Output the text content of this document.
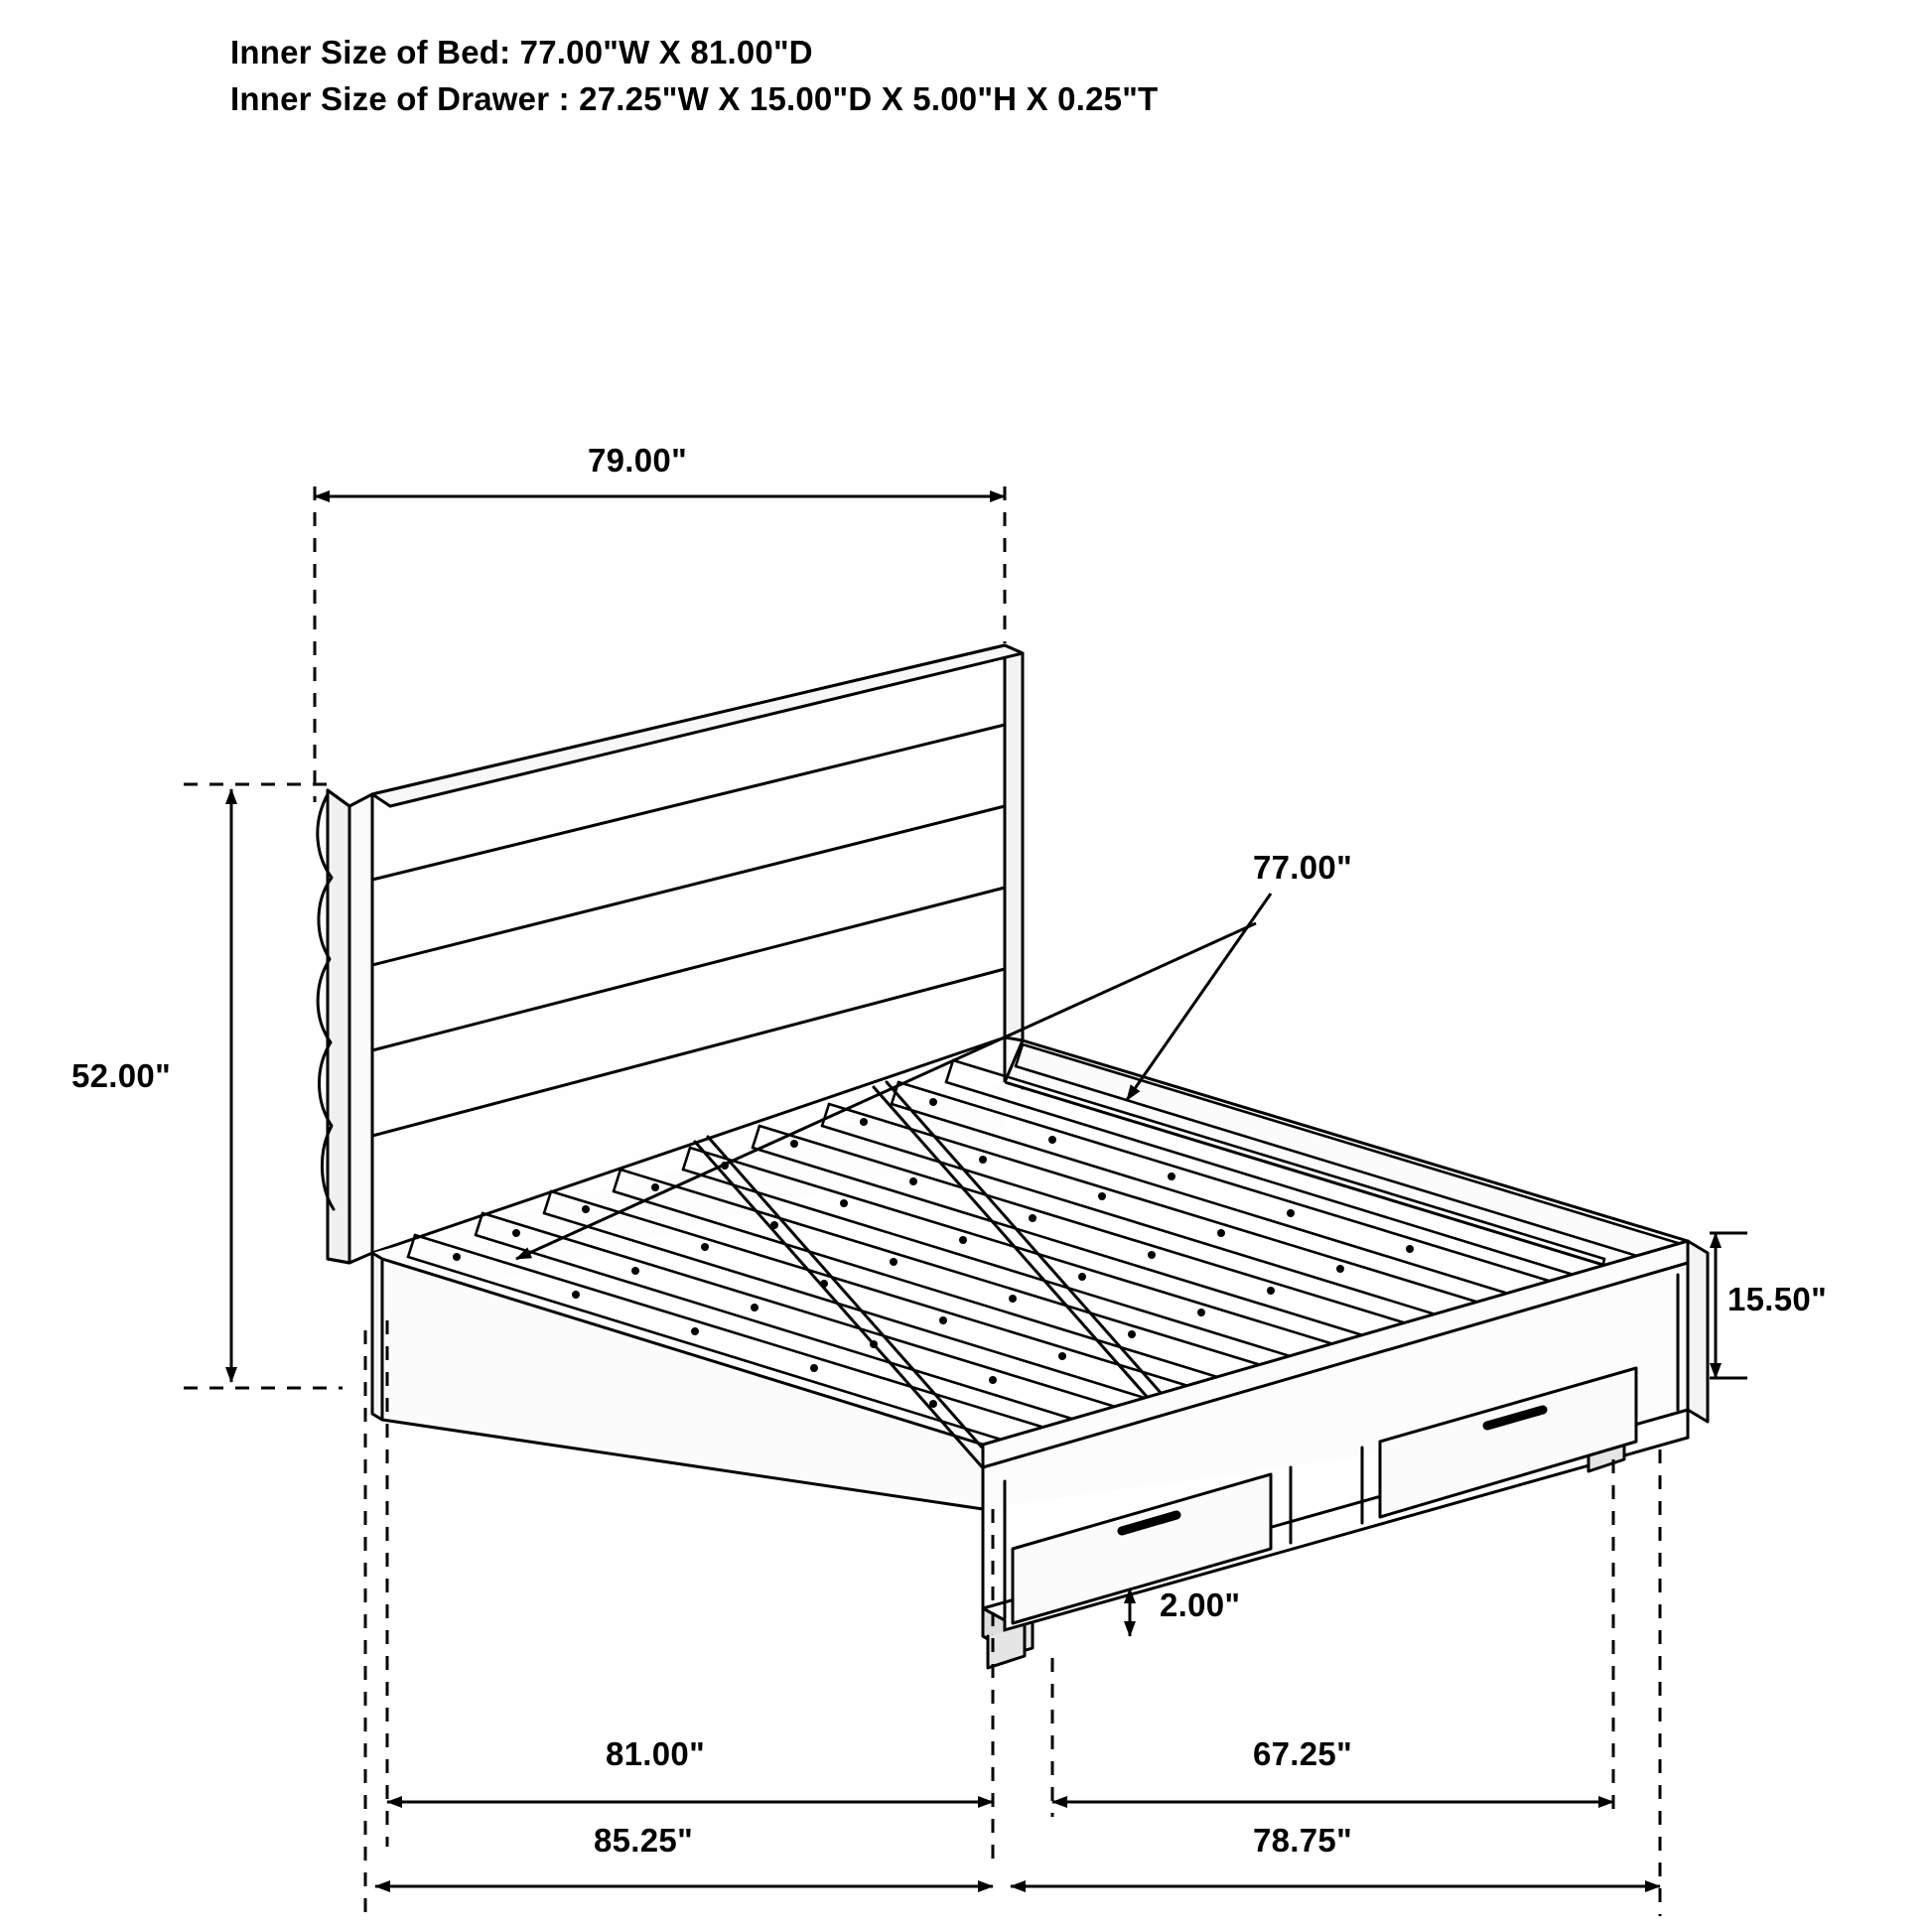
Inner Size of Bed: 77.00"W X 81.00"D
Inner Size of Drawer : 27.25"W X 15.00"D X 5.00"H X 0.25"T
79.00"
52.00"
77.00"
15.50"
2.00"
81.00"	67.25"
85.25"	78.75"
